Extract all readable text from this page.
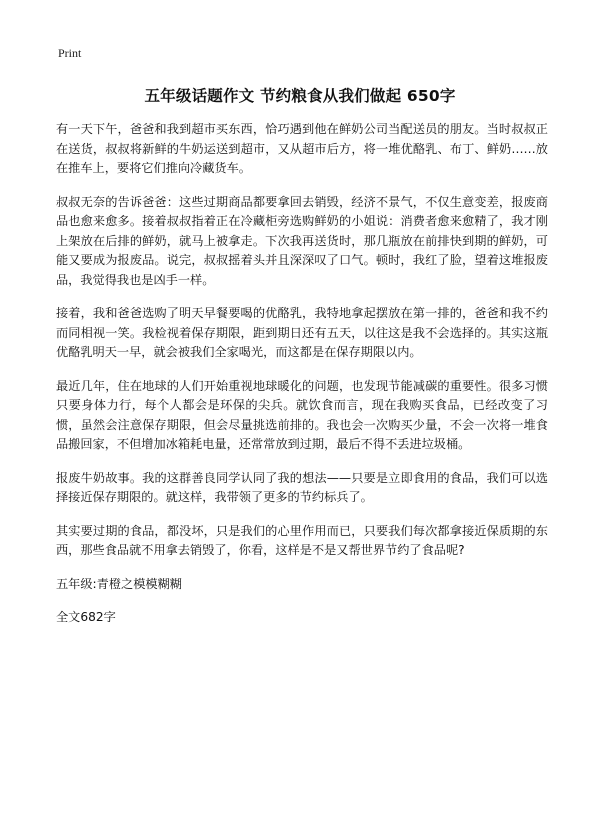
Print
五年级话题作文 节约粮食从我们做起 650字

有一天下午，爸爸和我到超市买东西，恰巧遇到他在鲜奶公司当配送员的朋友。当时叔叔正在送货，叔叔将新鲜的牛奶运送到超市，又从超市后方，将一堆优酪乳、布丁、鲜奶……放在推车上，要将它们推向冷藏货车。

叔叔无奈的告诉爸爸：这些过期商品都要拿回去销毁，经济不景气，不仅生意变差，报废商品也愈来愈多。接着叔叔指着正在冷藏柜旁选购鲜奶的小姐说：消费者愈来愈精了，我才刚上架放在后排的鲜奶，就马上被拿走。下次我再送货时，那几瓶放在前排快到期的鲜奶，可能又要成为报废品。说完，叔叔摇着头并且深深叹了口气。顿时，我红了脸，望着这堆报废品，我觉得我也是凶手一样。

接着，我和爸爸选购了明天早餐要喝的优酪乳，我特地拿起摆放在第一排的，爸爸和我不约而同相视一笑。我检视着保存期限，距到期日还有五天，以往这是我不会选择的。其实这瓶优酪乳明天一早，就会被我们全家喝光，而这都是在保存期限以内。

最近几年，住在地球的人们开始重视地球暖化的问题，也发现节能减碳的重要性。很多习惯只要身体力行，每个人都会是环保的尖兵。就饮食而言，现在我购买食品，已经改变了习惯，虽然会注意保存期限，但会尽量挑选前排的。我也会一次购买少量，不会一次将一堆食品搬回家，不但增加冰箱耗电量，还常常放到过期，最后不得不丢进垃圾桶。

报废牛奶故事。我的这群善良同学认同了我的想法——只要是立即食用的食品，我们可以选择接近保存期限的。就这样，我带领了更多的节约标兵了。

其实要过期的食品，都没坏，只是我们的心里作用而已，只要我们每次都拿接近保质期的东西，那些食品就不用拿去销毁了，你看，这样是不是又帮世界节约了食品呢?

五年级:青橙之模模糊糊

全文682字
